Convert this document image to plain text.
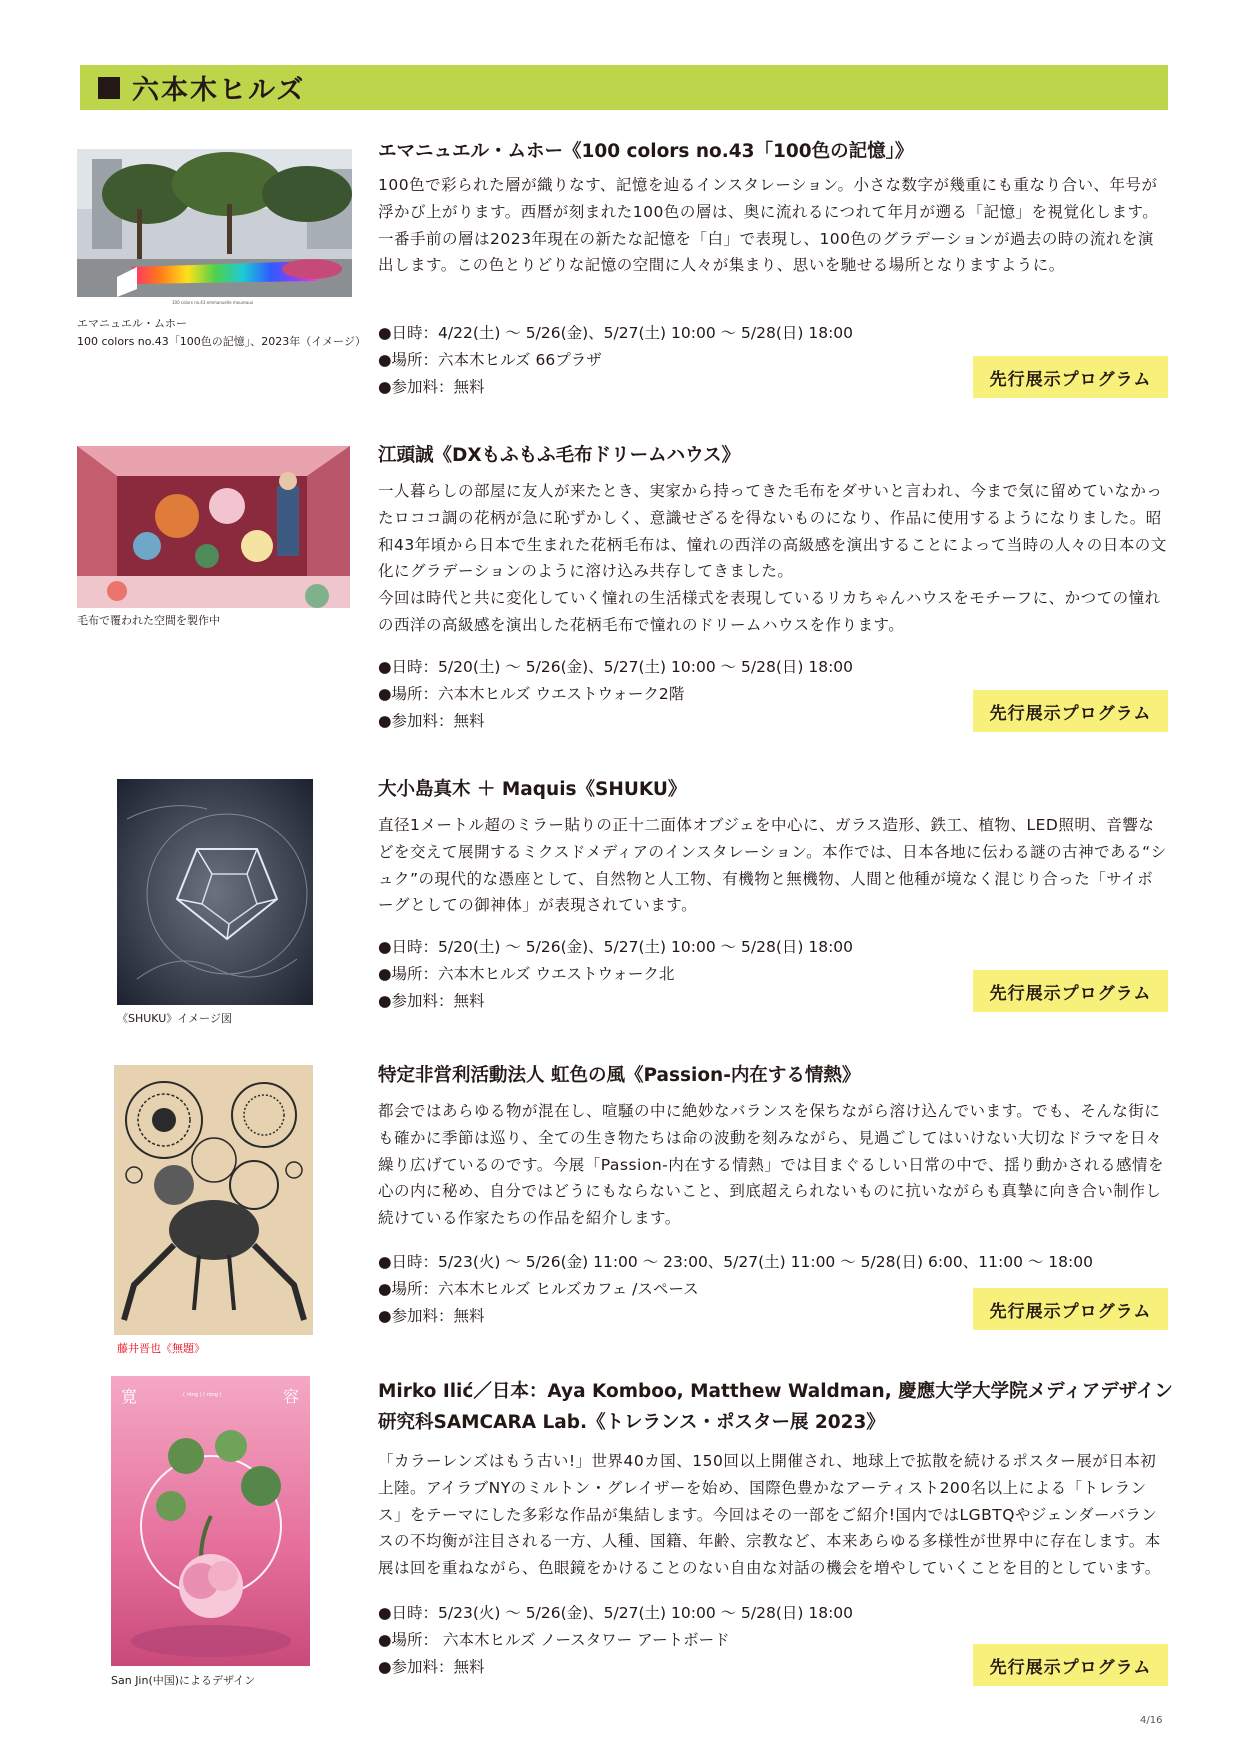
六本木ヒルズ
100 colors no.43 emmanuelle moureaux
エマニュエル・ムホー
100 colors no.43「100色の記憶」、2023年（イメージ）
エマニュエル・ムホー《100 colors no.43「100色の記憶」》
100色で彩られた層が織りなす、記憶を辿るインスタレーション。小さな数字が幾重にも重なり合い、年号が浮かび上がります。西暦が刻まれた100色の層は、奥に流れるにつれて年月が遡る「記憶」を視覚化します。一番手前の層は2023年現在の新たな記憶を「白」で表現し、100色のグラデーションが過去の時の流れを演出します。この色とりどりな記憶の空間に人々が集まり、思いを馳せる場所となりますように。
●日時：4/22(土) ～ 5/26(金)、5/27(土) 10:00 ～ 5/28(日) 18:00
●場所：六本木ヒルズ 66プラザ
●参加料：無料	先行展示プログラム
毛布で覆われた空間を製作中
江頭誠《DXもふもふ毛布ドリームハウス》
一人暮らしの部屋に友人が来たとき、実家から持ってきた毛布をダサいと言われ、今まで気に留めていなかったロココ調の花柄が急に恥ずかしく、意識せざるを得ないものになり、作品に使用するようになりました。昭和43年頃から日本で生まれた花柄毛布は、憧れの西洋の高級感を演出することによって当時の人々の日本の文化にグラデーションのように溶け込み共存してきました。
今回は時代と共に変化していく憧れの生活様式を表現しているリカちゃんハウスをモチーフに、かつての憧れの西洋の高級感を演出した花柄毛布で憧れのドリームハウスを作ります。
●日時：5/20(土) ～ 5/26(金)、5/27(土) 10:00 ～ 5/28(日) 18:00
●場所：六本木ヒルズ ウエストウォーク2階
●参加料：無料	先行展示プログラム
《SHUKU》イメージ図
大小島真木 ＋ Maquis《SHUKU》
直径1メートル超のミラー貼りの正十二面体オブジェを中心に、ガラス造形、鉄工、植物、LED照明、音響などを交えて展開するミクスドメディアのインスタレーション。本作では、日本各地に伝わる謎の古神である“シュク”の現代的な憑座として、自然物と人工物、有機物と無機物、人間と他種が境なく混じり合った「サイボーグとしての御神体」が表現されています。
●日時：5/20(土) ～ 5/26(金)、5/27(土) 10:00 ～ 5/28(日) 18:00
●場所：六本木ヒルズ ウエストウォーク北
●参加料：無料	先行展示プログラム
藤井晋也《無題》
特定非営利活動法人 虹色の風《Passion-内在する情熱》
都会ではあらゆる物が混在し、喧騒の中に絶妙なバランスを保ちながら溶け込んでいます。でも、そんな街にも確かに季節は巡り、全ての生き物たちは命の波動を刻みながら、見過ごしてはいけない大切なドラマを日々繰り広げているのです。今展「Passion-内在する情熱」では目まぐるしい日常の中で、揺り動かされる感情を心の内に秘め、自分ではどうにもならないこと、到底超えられないものに抗いながらも真摯に向き合い制作し続けている作家たちの作品を紹介します。
●日時：5/23(火) ～ 5/26(金) 11:00 ～ 23:00、5/27(土) 11:00 ～ 5/28(日) 6:00、11:00 ～ 18:00
●場所：六本木ヒルズ ヒルズカフェ /スペース
●参加料：無料	先行展示プログラム
寛	容
( rōng ) ( róng )
San Jin(中国)によるデザイン
Mirko Ilić／日本：Aya Komboo, Matthew Waldman, 慶應大学大学院メディアデザイン
研究科SAMCARA Lab.《トレランス・ポスター展 2023》
「カラーレンズはもう古い!」世界40カ国、150回以上開催され、地球上で拡散を続けるポスター展が日本初上陸。アイラブNYのミルトン・グレイザーを始め、国際色豊かなアーティスト200名以上による「トレランス」をテーマにした多彩な作品が集結します。今回はその一部をご紹介!国内ではLGBTQやジェンダーバランスの不均衡が注目される一方、人種、国籍、年齢、宗教など、本来あらゆる多様性が世界中に存在します。本展は回を重ねながら、色眼鏡をかけることのない自由な対話の機会を増やしていくことを目的としています。
●日時：5/23(火) ～ 5/26(金)、5/27(土) 10:00 ～ 5/28(日) 18:00
●場所： 六本木ヒルズ ノースタワー アートボード
●参加料：無料	先行展示プログラム
4/16
